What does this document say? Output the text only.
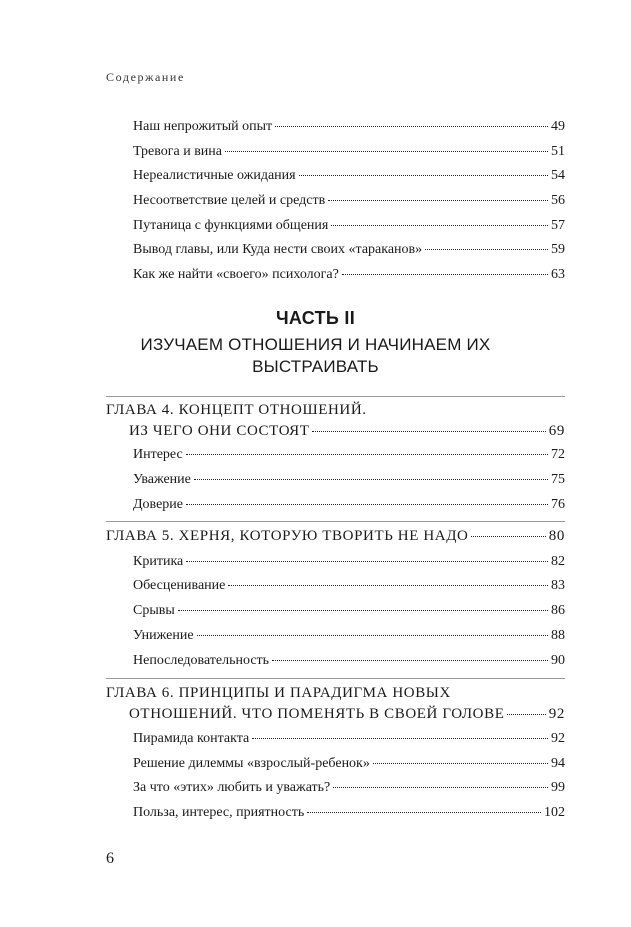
Содержание
Наш непрожитый опыт	49
Тревога и вина	51
Нереалистичные ожидания	54
Несоответствие целей и средств	56
Путаница с функциями общения	57
Вывод главы, или Куда нести своих «тараканов»	59
Как же найти «своего» психолога?	63
ЧАСТЬ II
ИЗУЧАЕМ ОТНОШЕНИЯ И НАЧИНАЕМ ИХ
ВЫСТРАИВАТЬ
ГЛАВА 4. КОНЦЕПТ ОТНОШЕНИЙ.
ИЗ ЧЕГО ОНИ СОСТОЯТ	69
Интерес	72
Уважение	75
Доверие	76
ГЛАВА 5. ХЕРНЯ, КОТОРУЮ ТВОРИТЬ НЕ НАДО	80
Критика	82
Обесценивание	83
Срывы	86
Унижение	88
Непоследовательность	90
ГЛАВА 6. ПРИНЦИПЫ И ПАРАДИГМА НОВЫХ
ОТНОШЕНИЙ. ЧТО ПОМЕНЯТЬ В СВОЕЙ ГОЛОВЕ	92
Пирамида контакта	92
Решение дилеммы «взрослый-ребенок»	94
За что «этих» любить и уважать?	99
Польза, интерес, приятность	102
6
